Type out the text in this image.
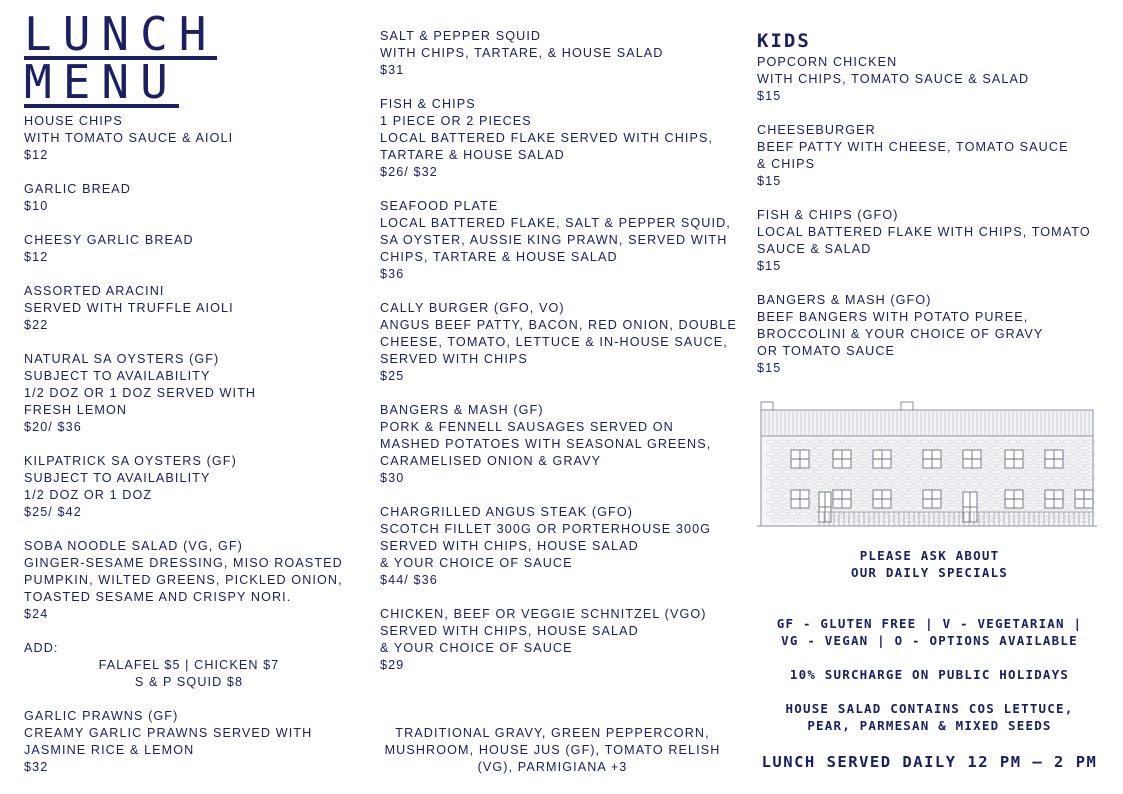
LUNCH
MENU
HOUSE CHIPS
WITH TOMATO SAUCE & AIOLI
$12
GARLIC BREAD
$10
CHEESY GARLIC BREAD
$12
ASSORTED ARACINI
SERVED WITH TRUFFLE AIOLI
$22
NATURAL SA OYSTERS (GF)
SUBJECT TO AVAILABILITY
1/2 DOZ OR 1 DOZ SERVED WITH
FRESH LEMON
$20/ $36
KILPATRICK SA OYSTERS (GF)
SUBJECT TO AVAILABILITY
1/2 DOZ OR 1 DOZ
$25/ $42
SOBA NOODLE SALAD (VG, GF)
GINGER-SESAME DRESSING, MISO ROASTED
PUMPKIN, WILTED GREENS, PICKLED ONION,
TOASTED SESAME AND CRISPY NORI.
$24
ADD:
FALAFEL $5 | CHICKEN $7
S & P SQUID $8
GARLIC PRAWNS (GF)
CREAMY GARLIC PRAWNS SERVED WITH
JASMINE RICE & LEMON
$32
SALT & PEPPER SQUID
WITH CHIPS, TARTARE, & HOUSE SALAD
$31
FISH & CHIPS
1 PIECE OR 2 PIECES
LOCAL BATTERED FLAKE SERVED WITH CHIPS,
TARTARE & HOUSE SALAD
$26/ $32
SEAFOOD PLATE
LOCAL BATTERED FLAKE, SALT & PEPPER SQUID,
SA OYSTER, AUSSIE KING PRAWN, SERVED WITH
CHIPS, TARTARE & HOUSE SALAD
$36
CALLY BURGER (GFO, VO)
ANGUS BEEF PATTY, BACON, RED ONION, DOUBLE
CHEESE, TOMATO, LETTUCE & IN-HOUSE SAUCE,
SERVED WITH CHIPS
$25
BANGERS & MASH (GF)
PORK & FENNELL SAUSAGES SERVED ON
MASHED POTATOES WITH SEASONAL GREENS,
CARAMELISED ONION & GRAVY
$30
CHARGRILLED ANGUS STEAK (GFO)
SCOTCH FILLET 300G OR PORTERHOUSE 300G
SERVED WITH CHIPS, HOUSE SALAD
& YOUR CHOICE OF SAUCE
$44/ $36
CHICKEN, BEEF OR VEGGIE SCHNITZEL (VGO)
SERVED WITH CHIPS, HOUSE SALAD
& YOUR CHOICE OF SAUCE
$29
TRADITIONAL GRAVY, GREEN PEPPERCORN,
MUSHROOM, HOUSE JUS (GF), TOMATO RELISH
(VG), PARMIGIANA +3
KIDS
POPCORN CHICKEN
WITH CHIPS, TOMATO SAUCE & SALAD
$15
CHEESEBURGER
BEEF PATTY WITH CHEESE, TOMATO SAUCE
& CHIPS
$15
FISH & CHIPS (GFO)
LOCAL BATTERED FLAKE WITH CHIPS, TOMATO
SAUCE & SALAD
$15
BANGERS & MASH (GFO)
BEEF BANGERS WITH POTATO PUREE,
BROCCOLINI & YOUR CHOICE OF GRAVY
OR TOMATO SAUCE
$15
PLEASE ASK ABOUT
OUR DAILY SPECIALS
GF - GLUTEN FREE | V - VEGETARIAN |
VG - VEGAN | O - OPTIONS AVAILABLE
10% SURCHARGE ON PUBLIC HOLIDAYS
HOUSE SALAD CONTAINS COS LETTUCE,
PEAR, PARMESAN & MIXED SEEDS
LUNCH SERVED DAILY 12 PM – 2 PM
